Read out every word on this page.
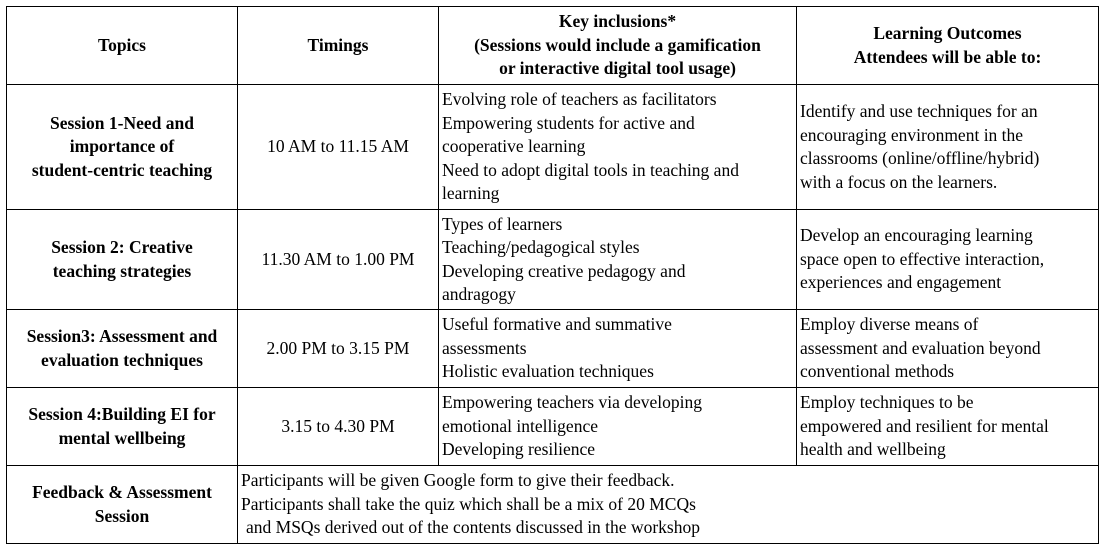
Topics	Timings	Key inclusions*
(Sessions would include a gamification
or interactive digital tool usage)	Learning Outcomes
Attendees will be able to:

Session 1-Need and
importance of
student-centric teaching	10 AM to 11.15 AM	Evolving role of teachers as facilitators
Empowering students for active and
cooperative learning
Need to adopt digital tools in teaching and
learning	Identify and use techniques for an
encouraging environment in the
classrooms (online/offline/hybrid)
with a focus on the learners.

Session 2: Creative
teaching strategies	11.30 AM to 1.00 PM	Types of learners
Teaching/pedagogical styles
Developing creative pedagogy and
andragogy	Develop an encouraging learning
space open to effective interaction,
experiences and engagement

Session3: Assessment and
evaluation techniques	2.00 PM to 3.15 PM	Useful formative and summative
assessments
Holistic evaluation techniques	Employ diverse means of
assessment and evaluation beyond
conventional methods

Session 4:Building EI for
mental wellbeing	3.15 to 4.30 PM	Empowering teachers via developing
emotional intelligence
Developing resilience	Employ techniques to be
empowered and resilient for mental
health and wellbeing

Feedback & Assessment
Session	Participants will be given Google form to give their feedback.
Participants shall take the quiz which shall be a mix of 20 MCQs
and MSQs derived out of the contents discussed in the workshop		
